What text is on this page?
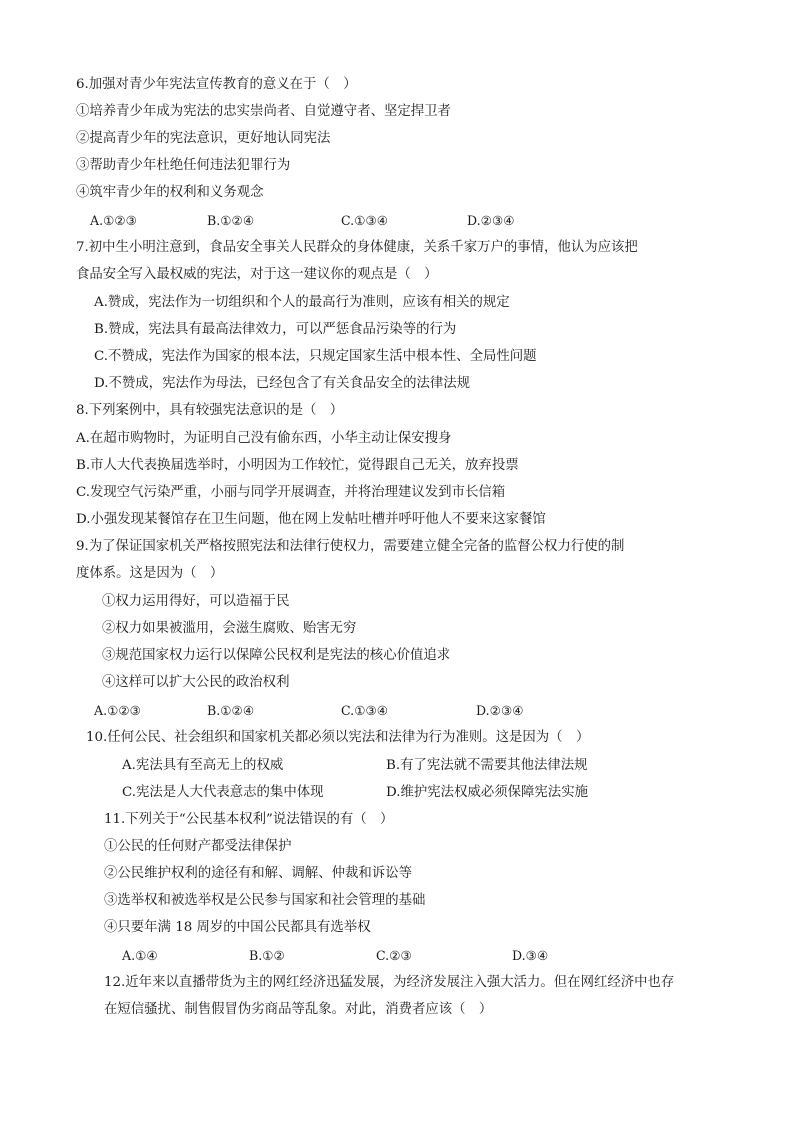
6.加强对青少年宪法宣传教育的意义在于（　）
①培养青少年成为宪法的忠实崇尚者、自觉遵守者、坚定捍卫者
②提高青少年的宪法意识，更好地认同宪法
③帮助青少年杜绝任何违法犯罪行为
④筑牢青少年的权利和义务观念
A.①②③	B.①②④	C.①③④	D.②③④
7.初中生小明注意到，食品安全事关人民群众的身体健康，关系千家万户的事情，他认为应该把
食品安全写入最权威的宪法，对于这一建议你的观点是（　）
A.赞成，宪法作为一切组织和个人的最高行为准则，应该有相关的规定
B.赞成，宪法具有最高法律效力，可以严惩食品污染等的行为
C.不赞成，宪法作为国家的根本法，只规定国家生活中根本性、全局性问题
D.不赞成，宪法作为母法，已经包含了有关食品安全的法律法规
8.下列案例中，具有较强宪法意识的是（　）
A.在超市购物时，为证明自己没有偷东西，小华主动让保安搜身
B.市人大代表换届选举时，小明因为工作较忙，觉得跟自己无关，放弃投票
C.发现空气污染严重，小丽与同学开展调查，并将治理建议发到市长信箱
D.小强发现某餐馆存在卫生问题，他在网上发帖吐槽并呼吁他人不要来这家餐馆
9.为了保证国家机关严格按照宪法和法律行使权力，需要建立健全完备的监督公权力行使的制
度体系。这是因为（　）
①权力运用得好，可以造福于民
②权力如果被滥用，会滋生腐败、贻害无穷
③规范国家权力运行以保障公民权利是宪法的核心价值追求
④这样可以扩大公民的政治权利
A.①②③	B.①②④	C.①③④	D.②③④
10.任何公民、社会组织和国家机关都必须以宪法和法律为行为准则。这是因为（　）
A.宪法具有至高无上的权威	B.有了宪法就不需要其他法律法规
C.宪法是人大代表意志的集中体现	D.维护宪法权威必须保障宪法实施
11.下列关于“公民基本权利”说法错误的有（　）
①公民的任何财产都受法律保护
②公民维护权利的途径有和解、调解、仲裁和诉讼等
③选举权和被选举权是公民参与国家和社会管理的基础
④只要年满 18 周岁的中国公民都具有选举权
A.①④	B.①②	C.②③	D.③④
12.近年来以直播带货为主的网红经济迅猛发展，为经济发展注入强大活力。但在网红经济中也存
在短信骚扰、制售假冒伪劣商品等乱象。对此，消费者应该（　）
